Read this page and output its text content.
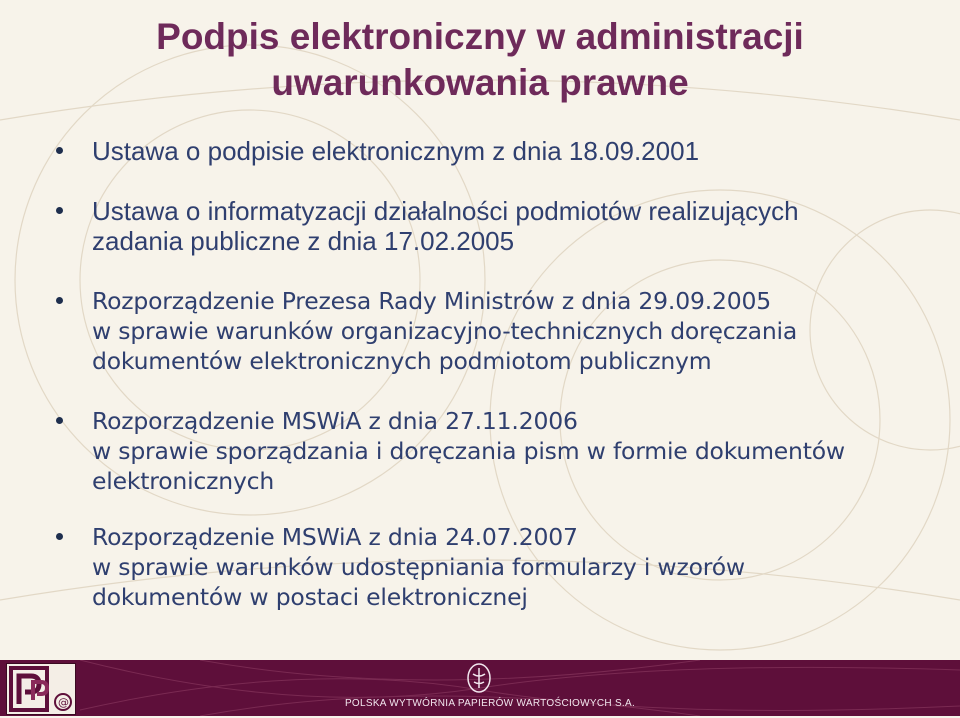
Podpis elektroniczny w administracji
uwarunkowania prawne
Ustawa o podpisie elektronicznym z dnia 18.09.2001
Ustawa o informatyzacji działalności podmiotów realizujących
zadania publiczne z dnia 17.02.2005
Rozporządzenie Prezesa Rady Ministrów z dnia 29.09.2005
w sprawie warunków organizacyjno-technicznych doręczania
dokumentów elektronicznych podmiotom publicznym
Rozporządzenie MSWiA z dnia 27.11.2006
w sprawie sporządzania i doręczania pism w formie dokumentów
elektronicznych
Rozporządzenie MSWiA z dnia 24.07.2007
w sprawie warunków udostępniania formularzy i wzorów
dokumentów w postaci elektronicznej
@	POLSKA WYTWÓRNIA PAPIERÓW WARTOŚCIOWYCH S.A.
